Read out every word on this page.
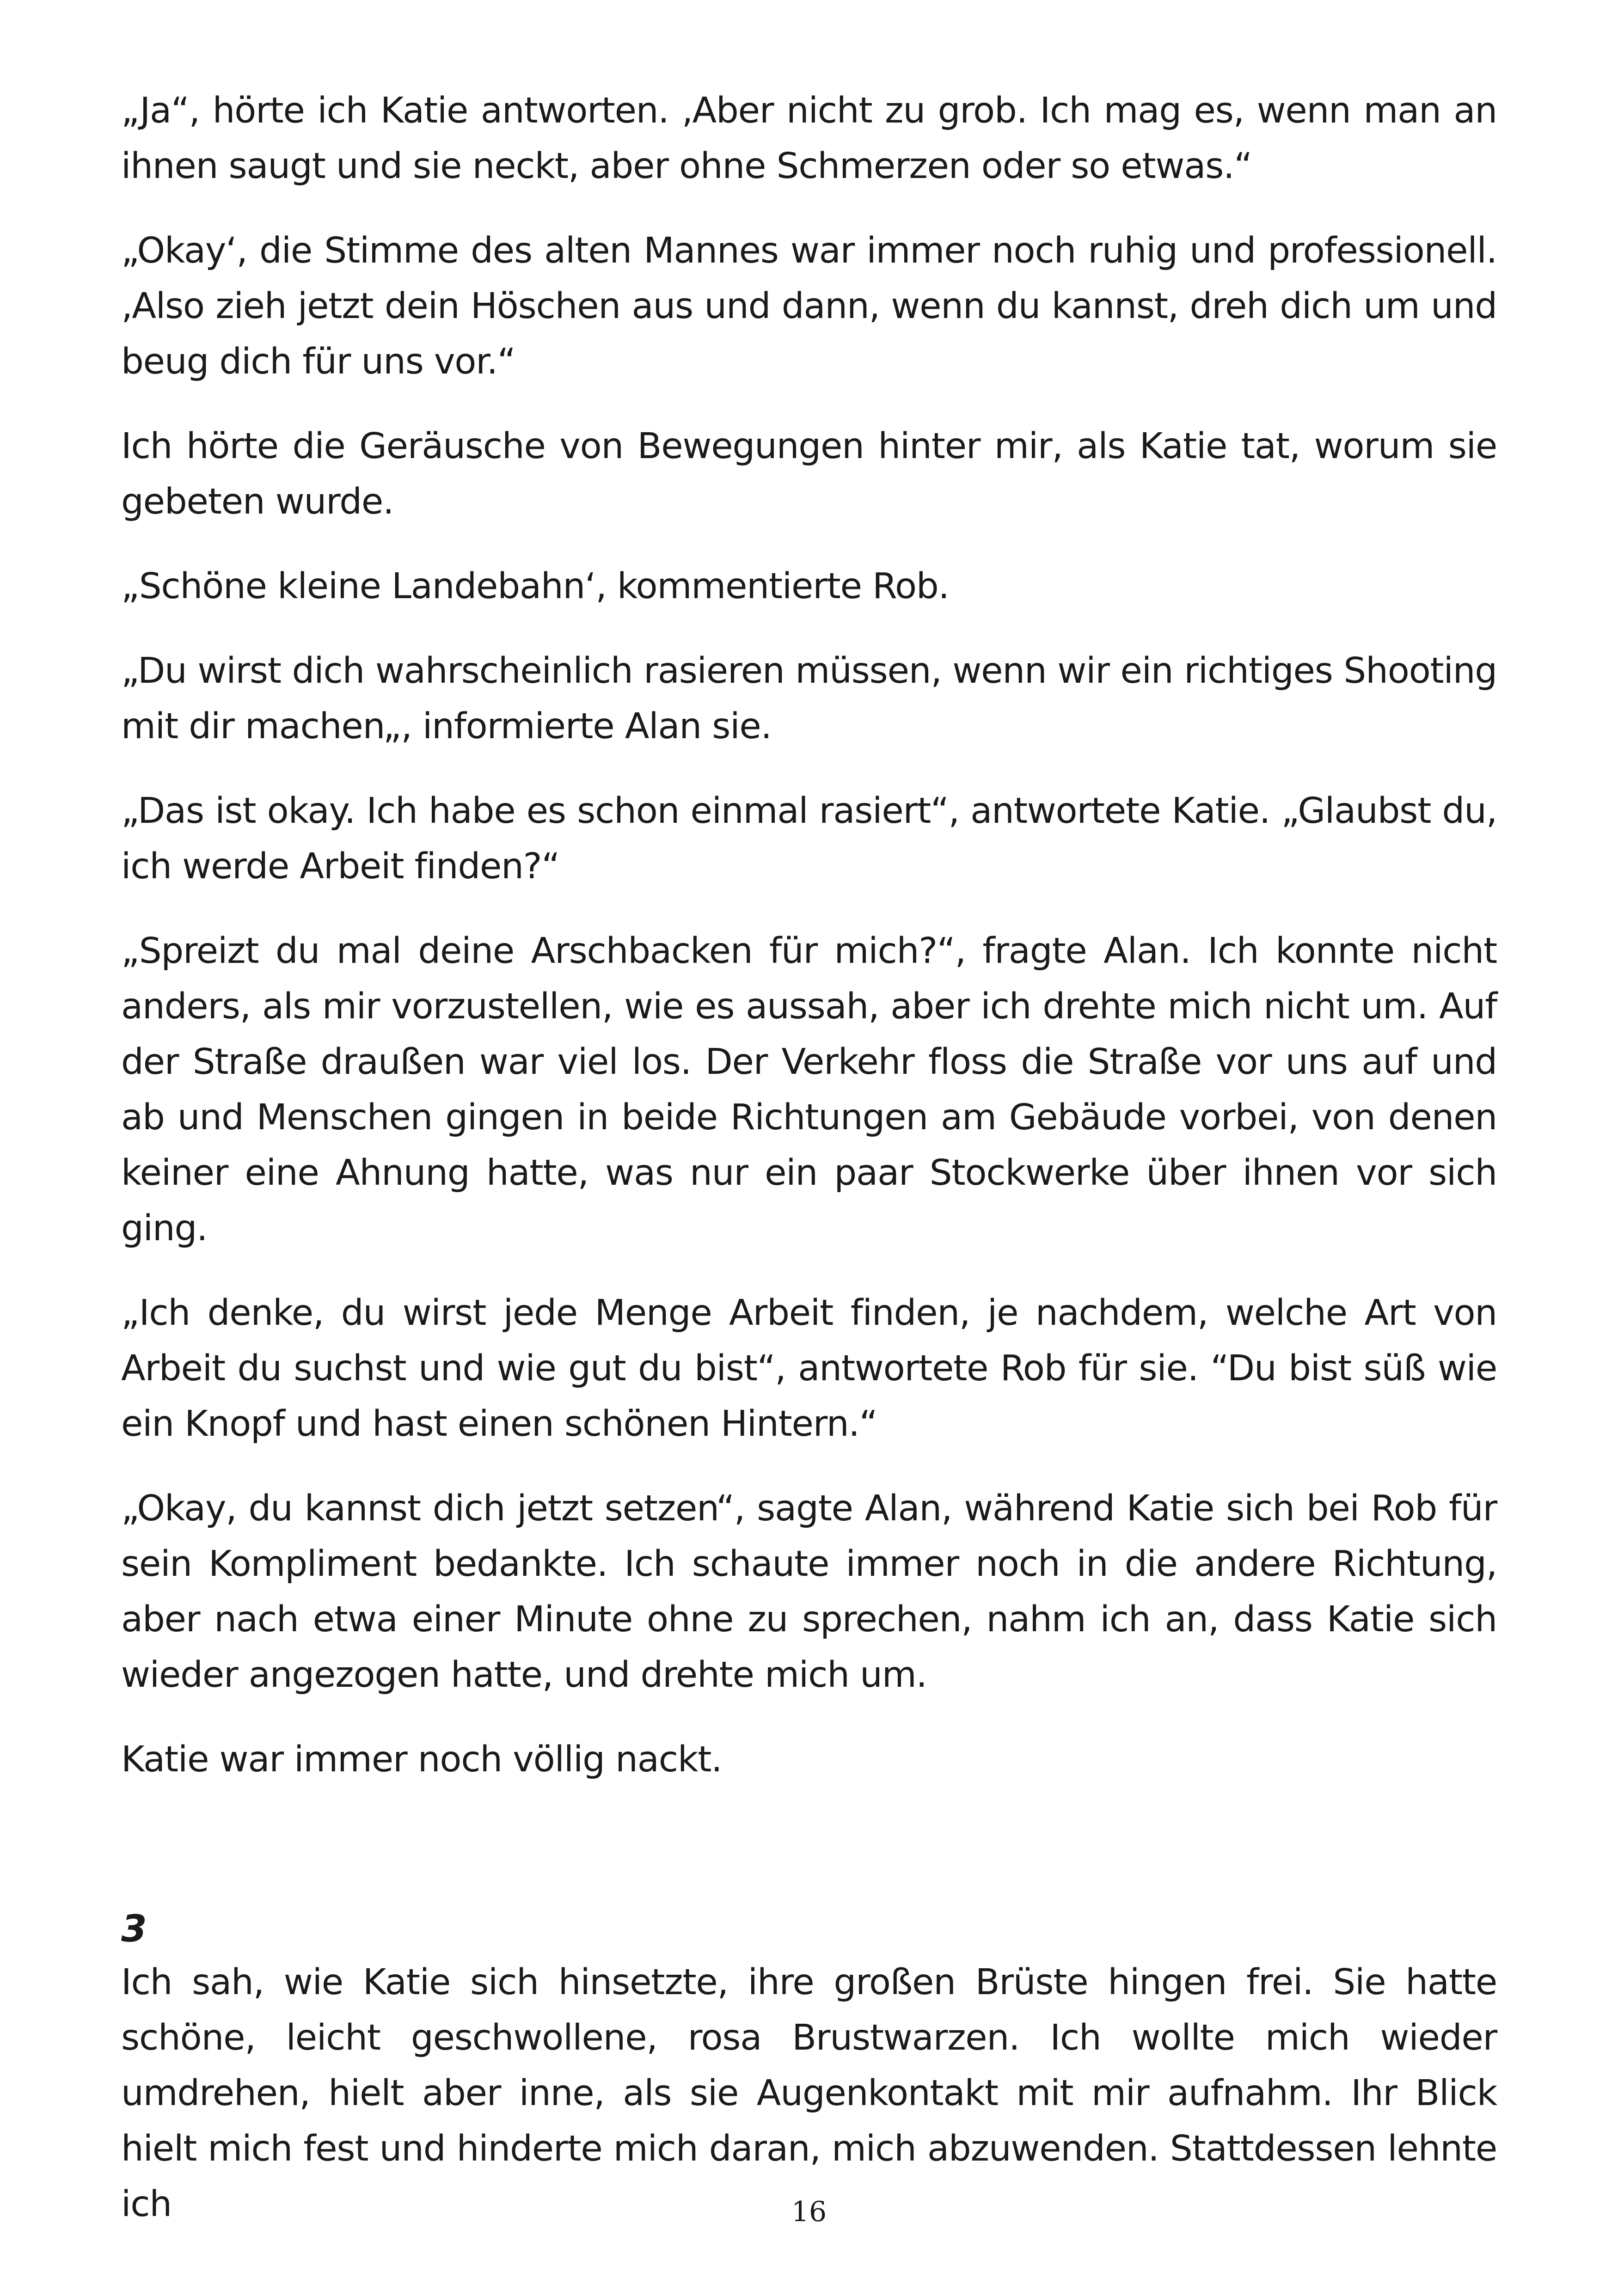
„Ja“, hörte ich Katie antworten. ‚Aber nicht zu grob. Ich mag es, wenn man an ihnen saugt und sie neckt, aber ohne Schmerzen oder so etwas.“

„Okay‘, die Stimme des alten Mannes war immer noch ruhig und professionell. ‚Also zieh jetzt dein Höschen aus und dann, wenn du kannst, dreh dich um und beug dich für uns vor.“

Ich hörte die Geräusche von Bewegungen hinter mir, als Katie tat, worum sie gebeten wurde.

„Schöne kleine Landebahn‘, kommentierte Rob.

„Du wirst dich wahrscheinlich rasieren müssen, wenn wir ein richtiges Shooting mit dir machen„, informierte Alan sie.

„Das ist okay. Ich habe es schon einmal rasiert“, antwortete Katie. „Glaubst du, ich werde Arbeit finden?“

„Spreizt du mal deine Arschbacken für mich?“, fragte Alan. Ich konnte nicht anders, als mir vorzustellen, wie es aussah, aber ich drehte mich nicht um. Auf der Straße draußen war viel los. Der Verkehr floss die Straße vor uns auf und ab und Menschen gingen in beide Richtungen am Gebäude vorbei, von denen keiner eine Ahnung hatte, was nur ein paar Stockwerke über ihnen vor sich ging.

„Ich denke, du wirst jede Menge Arbeit finden, je nachdem, welche Art von Arbeit du suchst und wie gut du bist“, antwortete Rob für sie. “Du bist süß wie ein Knopf und hast einen schönen Hintern.“

„Okay, du kannst dich jetzt setzen“, sagte Alan, während Katie sich bei Rob für sein Kompliment bedankte. Ich schaute immer noch in die andere Richtung, aber nach etwa einer Minute ohne zu sprechen, nahm ich an, dass Katie sich wieder angezogen hatte, und drehte mich um.

Katie war immer noch völlig nackt.

3

Ich sah, wie Katie sich hinsetzte, ihre großen Brüste hingen frei. Sie hatte schöne, leicht geschwollene, rosa Brustwarzen. Ich wollte mich wieder umdrehen, hielt aber inne, als sie Augenkontakt mit mir aufnahm. Ihr Blick hielt mich fest und hinderte mich daran, mich abzuwenden. Stattdessen lehnte ich	16
